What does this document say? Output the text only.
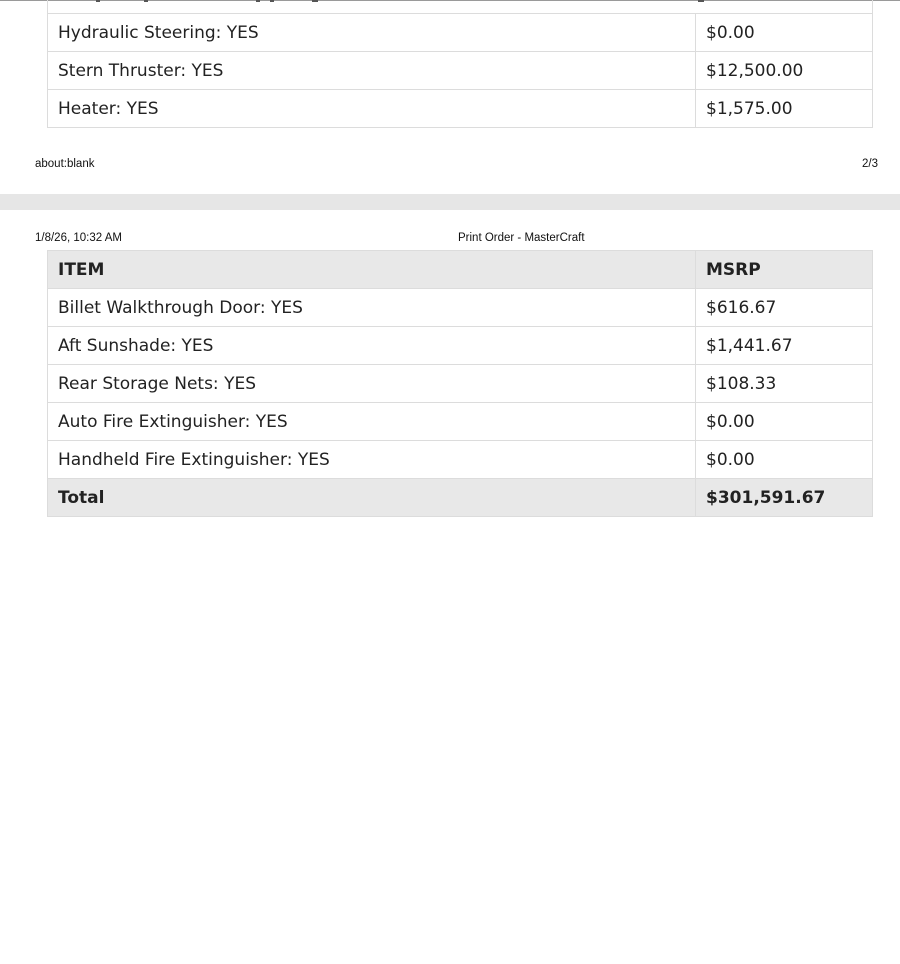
Hydraulic Steering: YES	$0.00
Stern Thruster: YES	$12,500.00
Heater: YES	$1,575.00
about:blank	2/3
1/8/26, 10:32 AM	Print Order - MasterCraft
ITEM	MSRP
Billet Walkthrough Door: YES	$616.67
Aft Sunshade: YES	$1,441.67
Rear Storage Nets: YES	$108.33
Auto Fire Extinguisher: YES	$0.00
Handheld Fire Extinguisher: YES	$0.00
Total	$301,591.67
